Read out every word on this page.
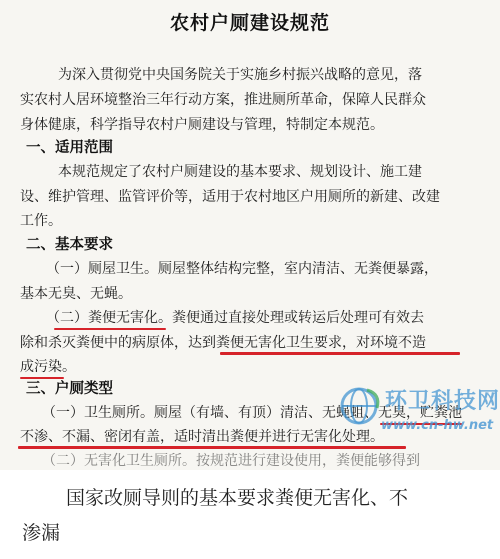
农村户厕建设规范
为深入贯彻党中央国务院关于实施乡村振兴战略的意见，落
实农村人居环境整治三年行动方案，推进厕所革命，保障人民群众
身体健康，科学指导农村户厕建设与管理，特制定本规范。
一、适用范围
本规范规定了农村户厕建设的基本要求、规划设计、施工建
设、维护管理、监管评价等，适用于农村地区户用厕所的新建、改建
工作。
二、基本要求
（一）厕屋卫生。厕屋整体结构完整，室内清洁、无粪便暴露，
基本无臭、无蝇。
（二）粪便无害化。粪便通过直接处理或转运后处理可有效去
除和杀灭粪便中的病原体，达到粪便无害化卫生要求，对环境不造
成污染。
三、户厕类型
（一）卫生厕所。厕屋（有墙、有顶）清洁、无蝇蛆、无臭，贮粪池
不渗、不漏、密闭有盖，适时清出粪便并进行无害化处理。
（二）无害化卫生厕所。按规范进行建设使用，粪便能够得到
环卫科技网
www.cn-hw.net
国家改厕导则的基本要求粪便无害化、不
渗漏
